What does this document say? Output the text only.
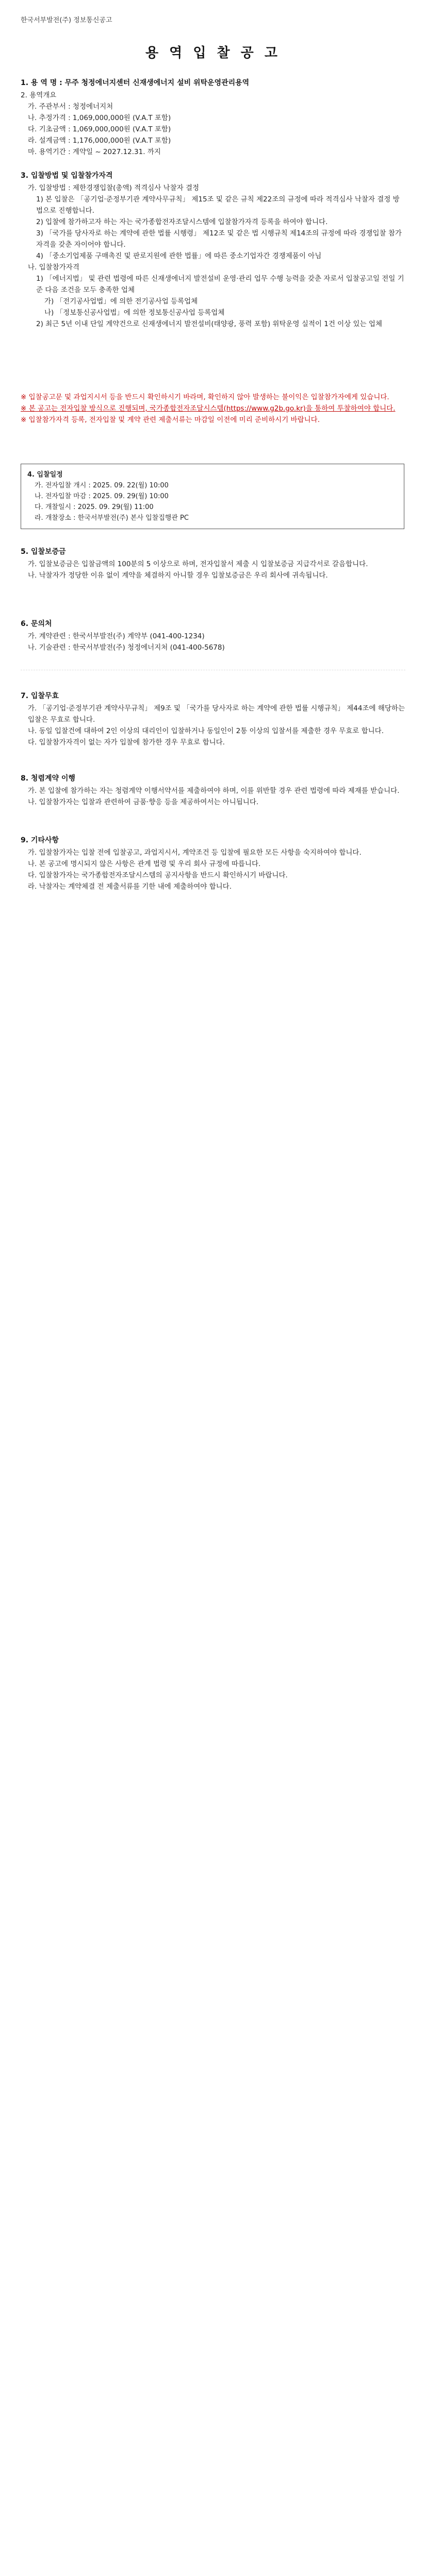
한국서부발전(주) 정보통신공고
용 역 입 찰 공 고
1. 용 역 명 : 무주 청정에너지센터 신재생에너지 설비 위탁운영관리용역

2. 용역개요

가. 주관부서 : 청정에너지처

나. 추정가격 : 1,069,000,000원 (V.A.T 포함)

다. 기초금액 : 1,069,000,000원 (V.A.T 포함)

라. 설계금액 : 1,176,000,000원 (V.A.T 포함)

마. 용역기간 : 계약일 ~ 2027.12.31. 까지

3. 입찰방법 및 입찰참가자격

가. 입찰방법 : 제한경쟁입찰(총액) 적격심사 낙찰자 결정

1) 본 입찰은 「공기업·준정부기관 계약사무규칙」 제15조 및 같은 규칙 제22조의 규정에 따라 적격심사 낙찰자 결정 방법으로 진행합니다.

2) 입찰에 참가하고자 하는 자는 국가종합전자조달시스템에 입찰참가자격 등록을 하여야 합니다.

3) 「국가를 당사자로 하는 계약에 관한 법률 시행령」 제12조 및 같은 법 시행규칙 제14조의 규정에 따라 경쟁입찰 참가자격을 갖춘 자이어야 합니다.

4) 「중소기업제품 구매촉진 및 판로지원에 관한 법률」에 따른 중소기업자간 경쟁제품이 아님

나. 입찰참가자격

1) 「에너지법」 및 관련 법령에 따른 신재생에너지 발전설비 운영·관리 업무 수행 능력을 갖춘 자로서 입찰공고일 전일 기준 다음 조건을 모두 충족한 업체

가) 「전기공사업법」에 의한 전기공사업 등록업체

나) 「정보통신공사업법」에 의한 정보통신공사업 등록업체

2) 최근 5년 이내 단일 계약건으로 신재생에너지 발전설비(태양광, 풍력 포함) 위탁운영 실적이 1건 이상 있는 업체

※ 입찰공고문 및 과업지시서 등을 반드시 확인하시기 바라며, 확인하지 않아 발생하는 불이익은 입찰참가자에게 있습니다.

※ 본 공고는 전자입찰 방식으로 진행되며, 국가종합전자조달시스템(https://www.g2b.go.kr)을 통하여 투찰하여야 합니다.

※ 입찰참가자격 등록, 전자입찰 및 계약 관련 제출서류는 마감일 이전에 미리 준비하시기 바랍니다.

4. 입찰일정

가. 전자입찰 개시 : 2025. 09. 22(월) 10:00

나. 전자입찰 마감 : 2025. 09. 29(월) 10:00

다. 개찰일시 : 2025. 09. 29(월) 11:00

라. 개찰장소 : 한국서부발전(주) 본사 입찰집행관 PC

5. 입찰보증금

가. 입찰보증금은 입찰금액의 100분의 5 이상으로 하며, 전자입찰서 제출 시 입찰보증금 지급각서로 갈음합니다.

나. 낙찰자가 정당한 이유 없이 계약을 체결하지 아니할 경우 입찰보증금은 우리 회사에 귀속됩니다.

6. 문의처

가. 계약관련 : 한국서부발전(주) 계약부 (041-400-1234)

나. 기술관련 : 한국서부발전(주) 청정에너지처 (041-400-5678)

7. 입찰무효

가. 「공기업·준정부기관 계약사무규칙」 제9조 및 「국가를 당사자로 하는 계약에 관한 법률 시행규칙」 제44조에 해당하는 입찰은 무효로 합니다.

나. 동일 입찰건에 대하여 2인 이상의 대리인이 입찰하거나 동일인이 2통 이상의 입찰서를 제출한 경우 무효로 합니다.

다. 입찰참가자격이 없는 자가 입찰에 참가한 경우 무효로 합니다.

8. 청렴계약 이행

가. 본 입찰에 참가하는 자는 청렴계약 이행서약서를 제출하여야 하며, 이를 위반할 경우 관련 법령에 따라 제재를 받습니다.

나. 입찰참가자는 입찰과 관련하여 금품·향응 등을 제공하여서는 아니됩니다.

9. 기타사항

가. 입찰참가자는 입찰 전에 입찰공고, 과업지시서, 계약조건 등 입찰에 필요한 모든 사항을 숙지하여야 합니다.

나. 본 공고에 명시되지 않은 사항은 관계 법령 및 우리 회사 규정에 따릅니다.

다. 입찰참가자는 국가종합전자조달시스템의 공지사항을 반드시 확인하시기 바랍니다.

라. 낙찰자는 계약체결 전 제출서류를 기한 내에 제출하여야 합니다.
